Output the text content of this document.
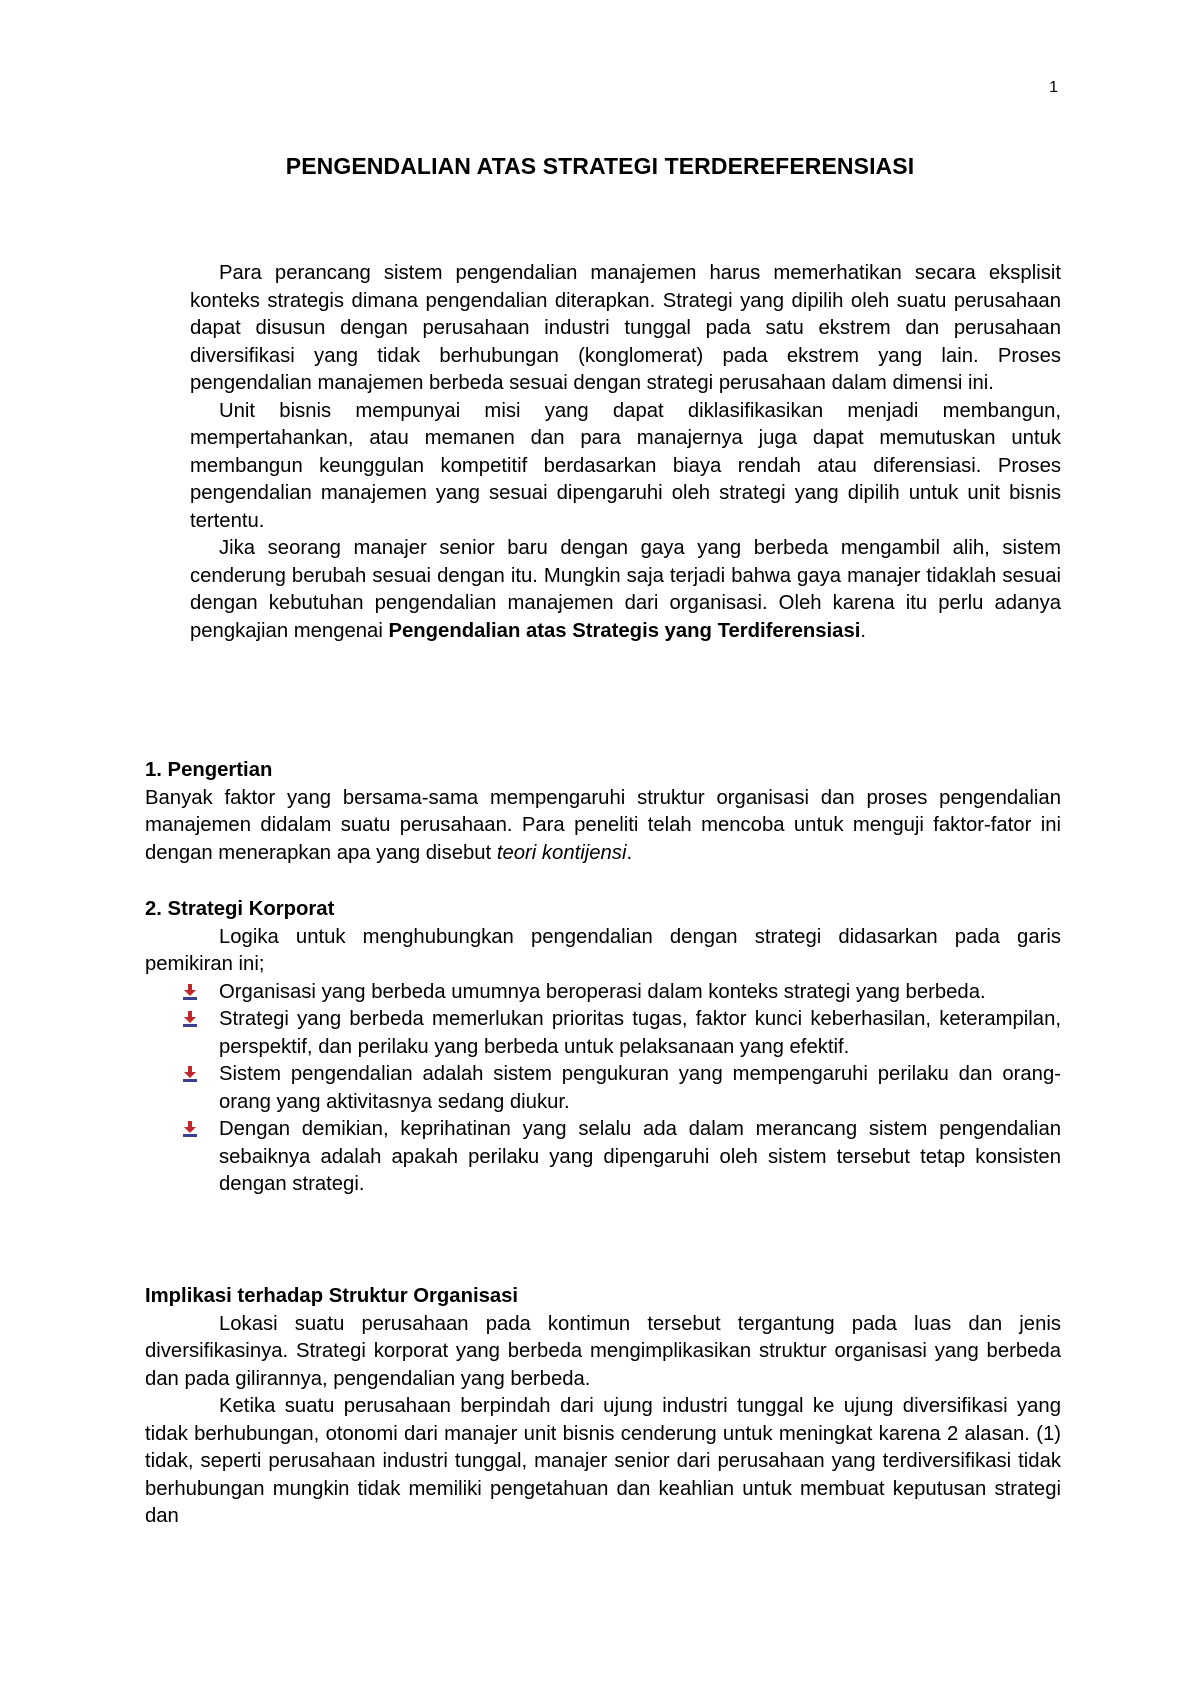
1
PENGENDALIAN ATAS STRATEGI TERDEREFERENSIASI

Para perancang sistem pengendalian manajemen harus memerhatikan secara eksplisit konteks strategis dimana pengendalian diterapkan. Strategi yang dipilih oleh suatu perusahaan dapat disusun dengan perusahaan industri tunggal pada satu ekstrem dan perusahaan diversifikasi yang tidak berhubungan (konglomerat) pada ekstrem yang lain. Proses pengendalian manajemen berbeda sesuai dengan strategi perusahaan dalam dimensi ini.

Unit bisnis mempunyai misi yang dapat diklasifikasikan menjadi membangun, mempertahankan, atau memanen dan para manajernya juga dapat memutuskan untuk membangun keunggulan kompetitif berdasarkan biaya rendah atau diferensiasi. Proses pengendalian manajemen yang sesuai dipengaruhi oleh strategi yang dipilih untuk unit bisnis tertentu.

Jika seorang manajer senior baru dengan gaya yang berbeda mengambil alih, sistem cenderung berubah sesuai dengan itu. Mungkin saja terjadi bahwa gaya manajer tidaklah sesuai dengan kebutuhan pengendalian manajemen dari organisasi. Oleh karena itu perlu adanya pengkajian mengenai Pengendalian atas Strategis yang Terdiferensiasi.

1. Pengertian

Banyak faktor yang bersama-sama mempengaruhi struktur organisasi dan proses pengendalian manajemen didalam suatu perusahaan. Para peneliti telah mencoba untuk menguji faktor-fator ini dengan menerapkan apa yang disebut teori kontijensi.

2. Strategi Korporat

Logika untuk menghubungkan pengendalian dengan strategi didasarkan pada garis pemikiran ini;

Organisasi yang berbeda umumnya beroperasi dalam konteks strategi yang berbeda.
Strategi yang berbeda memerlukan prioritas tugas, faktor kunci keberhasilan, keterampilan, perspektif, dan perilaku yang berbeda untuk pelaksanaan yang efektif.
Sistem pengendalian adalah sistem pengukuran yang mempengaruhi perilaku dan orang-orang yang aktivitasnya sedang diukur.
Dengan demikian, keprihatinan yang selalu ada dalam merancang sistem pengendalian sebaiknya adalah apakah perilaku yang dipengaruhi oleh sistem tersebut tetap konsisten dengan strategi.

Implikasi terhadap Struktur Organisasi

Lokasi suatu perusahaan pada kontimun tersebut tergantung pada luas dan jenis diversifikasinya. Strategi korporat yang berbeda mengimplikasikan struktur organisasi yang berbeda dan pada gilirannya, pengendalian yang berbeda.

Ketika suatu perusahaan berpindah dari ujung industri tunggal ke ujung diversifikasi yang tidak berhubungan, otonomi dari manajer unit bisnis cenderung untuk meningkat karena 2 alasan. (1) tidak, seperti perusahaan industri tunggal, manajer senior dari perusahaan yang terdiversifikasi tidak berhubungan mungkin tidak memiliki pengetahuan dan keahlian untuk membuat keputusan strategi dan
